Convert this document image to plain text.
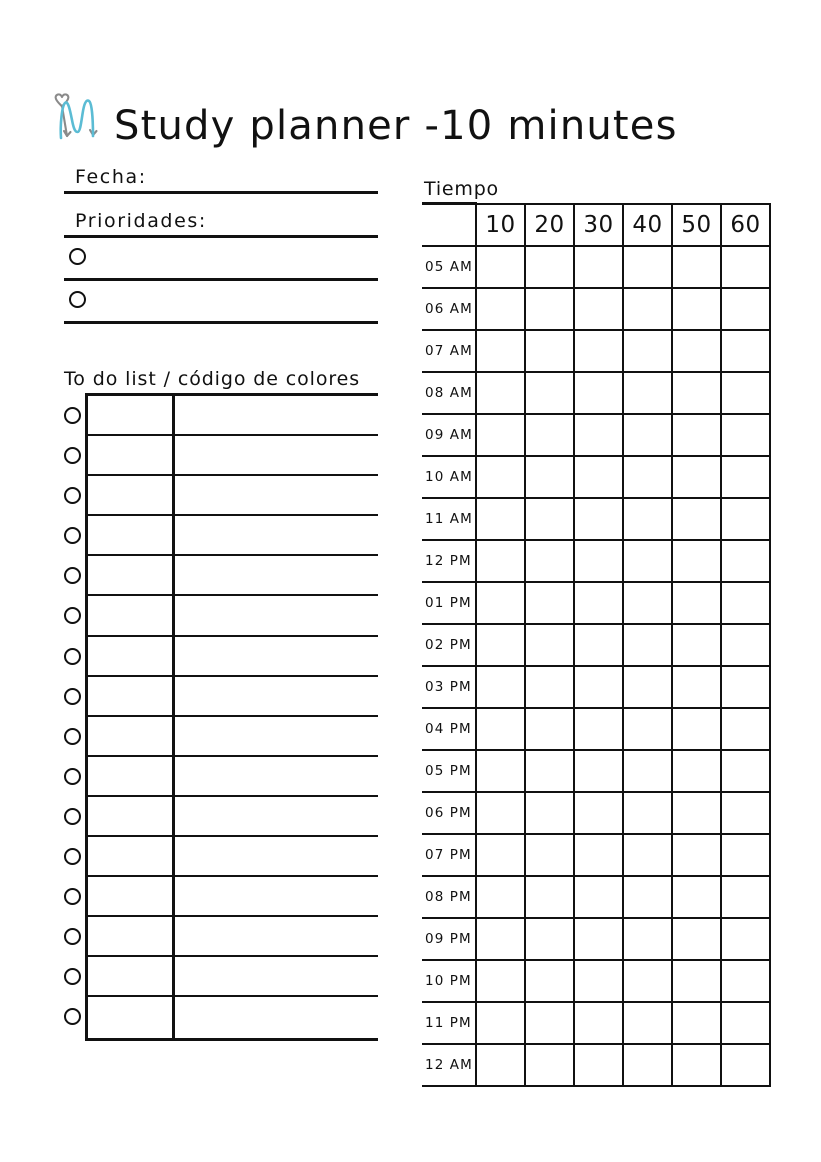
Study planner -10 minutes
Fecha:
Prioridades:
To do list / código de colores
Tiempo
	10	20	30	40	50	60
05 AM						
06 AM						
07 AM						
08 AM						
09 AM						
10 AM						
11 AM						
12 PM						
01 PM						
02 PM						
03 PM						
04 PM						
05 PM						
06 PM						
07 PM						
08 PM						
09 PM						
10 PM						
11 PM						
12 AM						
